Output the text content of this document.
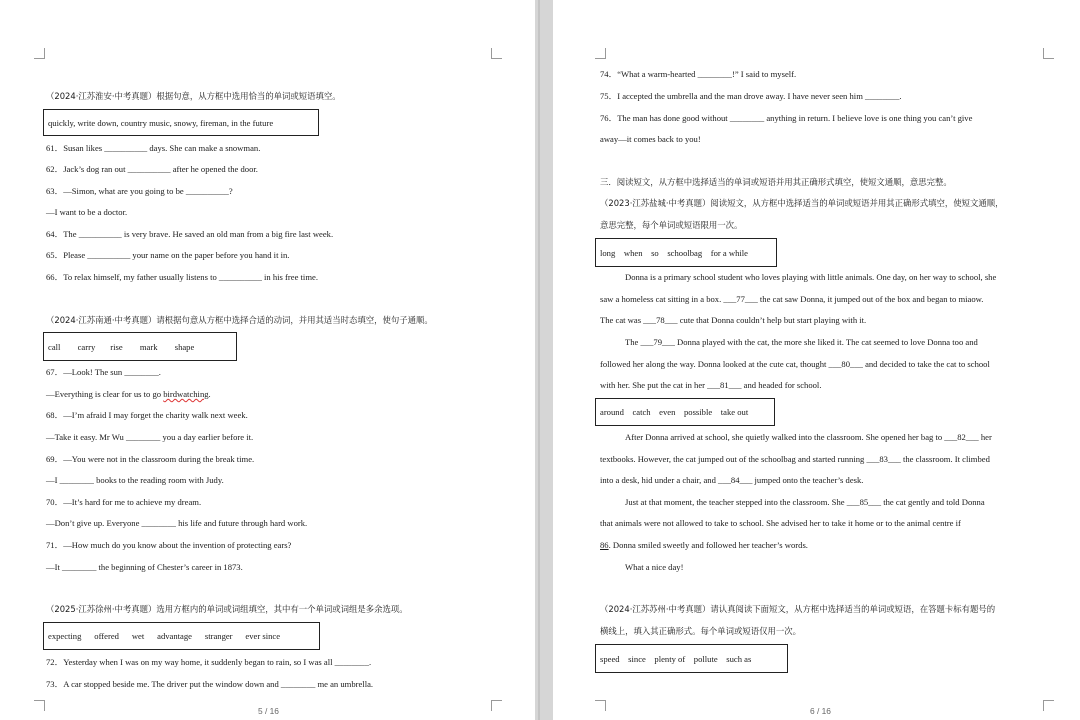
（2024·江苏淮安·中考真题）根据句意，从方框中选用恰当的单词或短语填空。
quickly, write down, country music, snowy, fireman, in the future
61．Susan likes __________ days. She can make a snowman.
62．Jack’s dog ran out __________ after he opened the door.
63．—Simon, what are you going to be __________?
—I want to be a doctor.
64．The __________ is very brave. He saved an old man from a big fire last week.
65．Please __________ your name on the paper before you hand it in.
66．To relax himself, my father usually listens to __________ in his free time.
（2024·江苏南通·中考真题）请根据句意从方框中选择合适的动词，并用其适当时态填空，使句子通顺。
call        carry       rise        mark        shape
67．—Look! The sun ________.
—Everything is clear for us to go birdwatching.
68．—I’m afraid I may forget the charity walk next week.
—Take it easy. Mr Wu ________ you a day earlier before it.
69．—You were not in the classroom during the break time.
—I ________ books to the reading room with Judy.
70．—It’s hard for me to achieve my dream.
—Don’t give up. Everyone ________ his life and future through hard work.
71．—How much do you know about the invention of protecting ears?
—It ________ the beginning of Chester’s career in 1873.
（2025·江苏徐州·中考真题）选用方框内的单词或词组填空，其中有一个单词或词组是多余选项。
expecting      offered      wet      advantage      stranger      ever since
72．Yesterday when I was on my way home, it suddenly began to rain, so I was all ________.
73．A car stopped beside me. The driver put the window down and ________ me an umbrella.
5 / 16
74．“What a warm-hearted ________!” I said to myself.
75．I accepted the umbrella and the man drove away. I have never seen him ________.
76．The man has done good without ________ anything in return. I believe love is one thing you can’t give
away—it comes back to you!
三．阅读短文，从方框中选择适当的单词或短语并用其正确形式填空，使短文通顺，意思完整。
（2023·江苏盐城·中考真题）阅读短文，从方框中选择适当的单词或短语并用其正确形式填空，使短文通顺，
意思完整，每个单词或短语限用一次。
long    when    so    schoolbag    for a while
Donna is a primary school student who loves playing with little animals. One day, on her way to school, she
saw a homeless cat sitting in a box. ___77___ the cat saw Donna, it jumped out of the box and began to miaow.
The cat was ___78___ cute that Donna couldn’t help but start playing with it.
The ___79___ Donna played with the cat, the more she liked it. The cat seemed to love Donna too and
followed her along the way. Donna looked at the cute cat, thought ___80___ and decided to take the cat to school
with her. She put the cat in her ___81___ and headed for school.
around    catch    even    possible    take out
After Donna arrived at school, she quietly walked into the classroom. She opened her bag to ___82___ her
textbooks. However, the cat jumped out of the schoolbag and started running ___83___ the classroom. It climbed
into a desk, hid under a chair, and ___84___ jumped onto the teacher’s desk.
Just at that moment, the teacher stepped into the classroom. She ___85___ the cat gently and told Donna
that animals were not allowed to take to school. She advised her to take it home or to the animal centre if
86. Donna smiled sweetly and followed her teacher’s words.
What a nice day!
（2024·江苏苏州·中考真题）请认真阅读下面短文，从方框中选择适当的单词或短语，在答题卡标有题号的
横线上，填入其正确形式。每个单词或短语仅用一次。
speed    since    plenty of    pollute    such as
6 / 16
